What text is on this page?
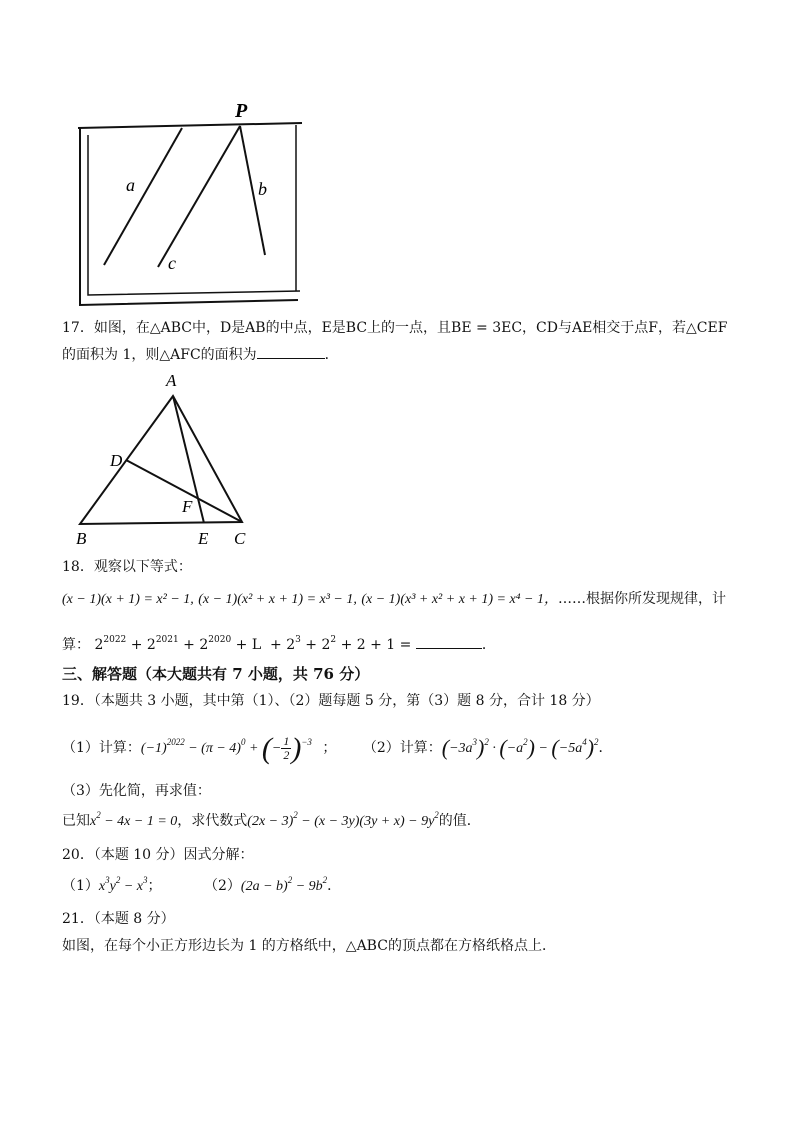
P
a	b
c
17．如图，在△ABC中，D是AB的中点，E是BC上的一点，且BE = 3EC，CD与AE相交于点F，若△CEF
的面积为 1，则△AFC的面积为	．
A
B	C
D
E
F
18．观察以下等式：
(x − 1)(x + 1) = x² − 1, (x − 1)(x² + x + 1) = x³ − 1, (x − 1)(x³ + x² + x + 1) = x⁴ − 1，……根据你所发现规律，计
算： $2^{2022} + 2^{2021} + 2^{2020} + L + 2^3 + 2^2 + 2 + 1$ =	．
三、解答题（本大题共有 7 小题，共 76 分）
19．（本题共 3 小题，其中第（1）、（2）题每题 5 分，第（3）题 8 分，合计 18 分）
（1）计算：$(-1)^{2022} - (\pi - 4)^0$ + (− $\frac{1}{2} )^{-3}$ ； （2）计算：$(-3a^3)^2 \cdot (-a^2) - (-5a^4)^2$．
（3）先化简，再求值：
已知$x^2 - 4x - 1 = 0$，求代数式$(2x - 3)^2 - (x - 3y)(3y + x) - 9y^2$的值．
20．（本题 10 分）因式分解：
$(1)x^3y^2 - x^3$；	$(2)(2a - b)^2 - 9b^2$．
21．（本题 8 分）
如图，在每个小正方形边长为 1 的方格纸中，△ABC的顶点都在方格纸格点上．
